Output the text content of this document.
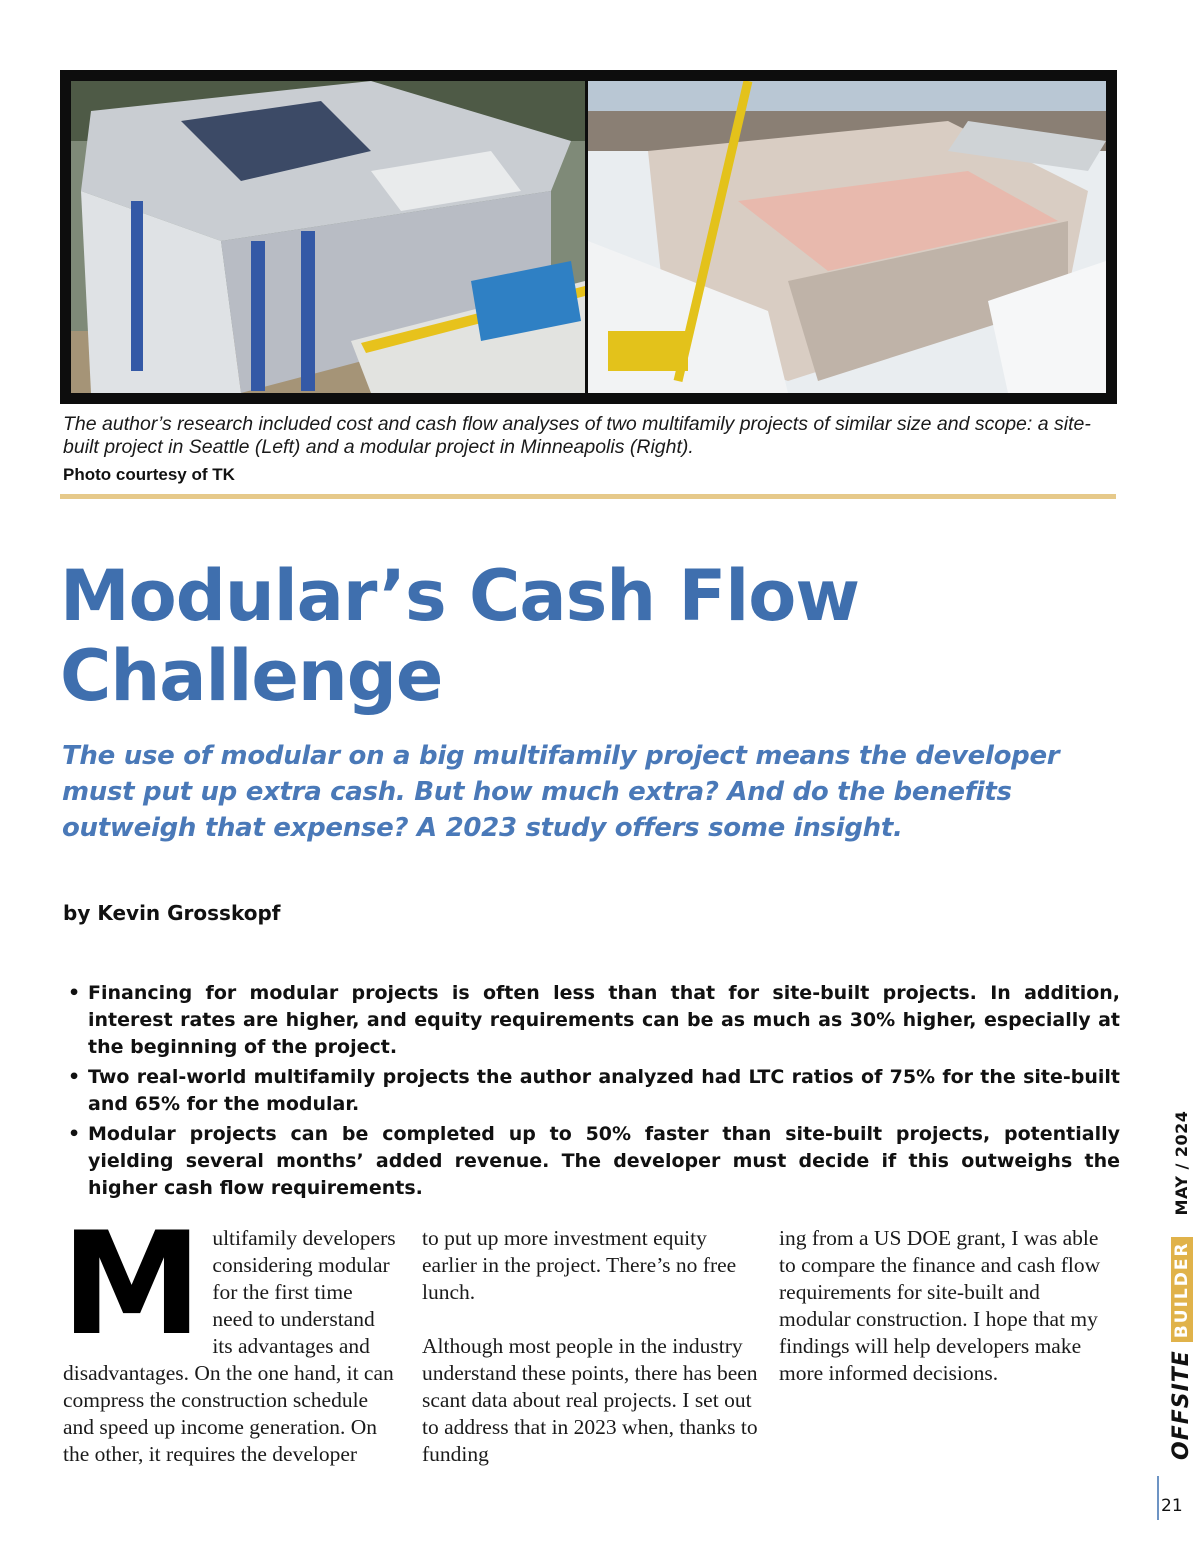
The author’s research included cost and cash flow analyses of two multifamily projects of similar size and scope: a site-built project in Seattle (Left) and a modular project in Minneapolis (Right).

Photo courtesy of TK

Modular’s Cash Flow Challenge

The use of modular on a big multifamily project means the developer must put up extra cash. But how much extra? And do the benefits outweigh that expense? A 2023 study offers some insight.

by Kevin Grosskopf

• Financing for modular projects is often less than that for site-built projects. In addition, interest rates are higher, and equity requirements can be as much as 30% higher, especially at the beginning of the project.
• Two real-world multifamily projects the author analyzed had LTC ratios of 75% for the site-built and 65% for the modular.
• Modular projects can be completed up to 50% faster than site-built projects, potentially yielding several months’ added revenue. The developer must decide if this outweighs the higher cash flow requirements.

Multifamily developers considering modular for the first time need to understand its advantages and disadvantages. On the one hand, it can compress the construction schedule and speed up income generation. On the other, it requires the developer

to put up more investment equity earlier in the project. There’s no free lunch.

Although most people in the industry understand these points, there has been scant data about real projects. I set out to address that in 2023 when, thanks to funding

ing from a US DOE grant, I was able to compare the finance and cash flow requirements for site-built and modular construction. I hope that my findings will help developers make more informed decisions.	OFFSITE
BUILDER
MAY / 2024

21
